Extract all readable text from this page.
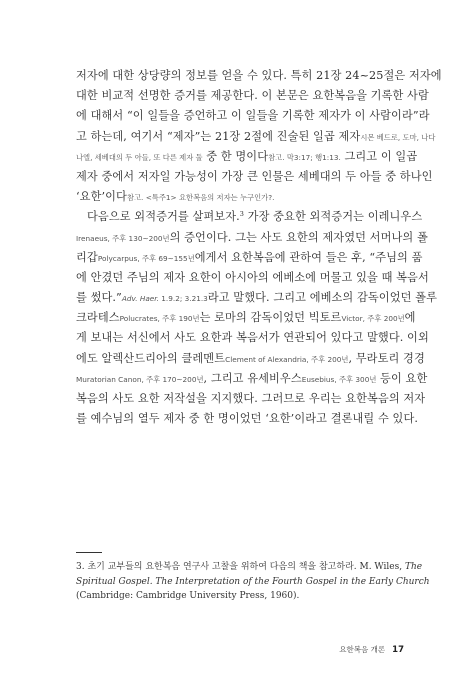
저자에 대한 상당량의 정보를 얻을 수 있다. 특히 21장 24~25절은 저자에
대한 비교적 선명한 증거를 제공한다. 이 본문은 요한복음을 기록한 사람
에 대해서 “이 일들을 증언하고 이 일들을 기록한 제자가 이 사람이라”라
고 하는데, 여기서 “제자”는 21장 2절에 진술된 일곱 제자시몬 베드로, 도마, 나다
나엘, 세베대의 두 아들, 또 다른 제자 둘 중 한 명이다참고. 막3:17; 행1:13. 그리고 이 일곱
제자 중에서 저자일 가능성이 가장 큰 인물은 세베대의 두 아들 중 하나인
‘요한’이다참고. <특주1> 요한복음의 저자는 누구인가?.
다음으로 외적증거를 살펴보자.$^3$ 가장 중요한 외적증거는 이레니우스
Irenaeus, 주후 130~200년의 증언이다. 그는 사도 요한의 제자였던 서머나의 폴
리갑Polycarpus, 주후 69~155년에게서 요한복음에 관하여 들은 후, “주님의 품
에 안겼던 주님의 제자 요한이 아시아의 에베소에 머물고 있을 때 복음서
를 썼다.”Adv. Haer. 1.9.2; 3.21.3라고 말했다. 그리고 에베소의 감독이었던 폴루
크라테스Polucrates, 주후 190년는 로마의 감독이었던 빅토르Victor, 주후 200년에
게 보내는 서신에서 사도 요한과 복음서가 연관되어 있다고 말했다. 이외
에도 알렉산드리아의 클레멘트Clement of Alexandria, 주후 200년, 무라토리 경경
Muratorian Canon, 주후 170~200년, 그리고 유세비우스Eusebius, 주후 300년 등이 요한
복음의 사도 요한 저작설을 지지했다. 그러므로 우리는 요한복음의 저자
를 예수님의 열두 제자 중 한 명이었던 ‘요한’이라고 결론내릴 수 있다.
3. 초기 교부들의 요한복음 연구사 고찰을 위하여 다음의 책을 참고하라. M. Wiles, The
Spiritual Gospel. The Interpretation of the Fourth Gospel in the Early Church
(Cambridge: Cambridge University Press, 1960).
요한복음 개론 17
